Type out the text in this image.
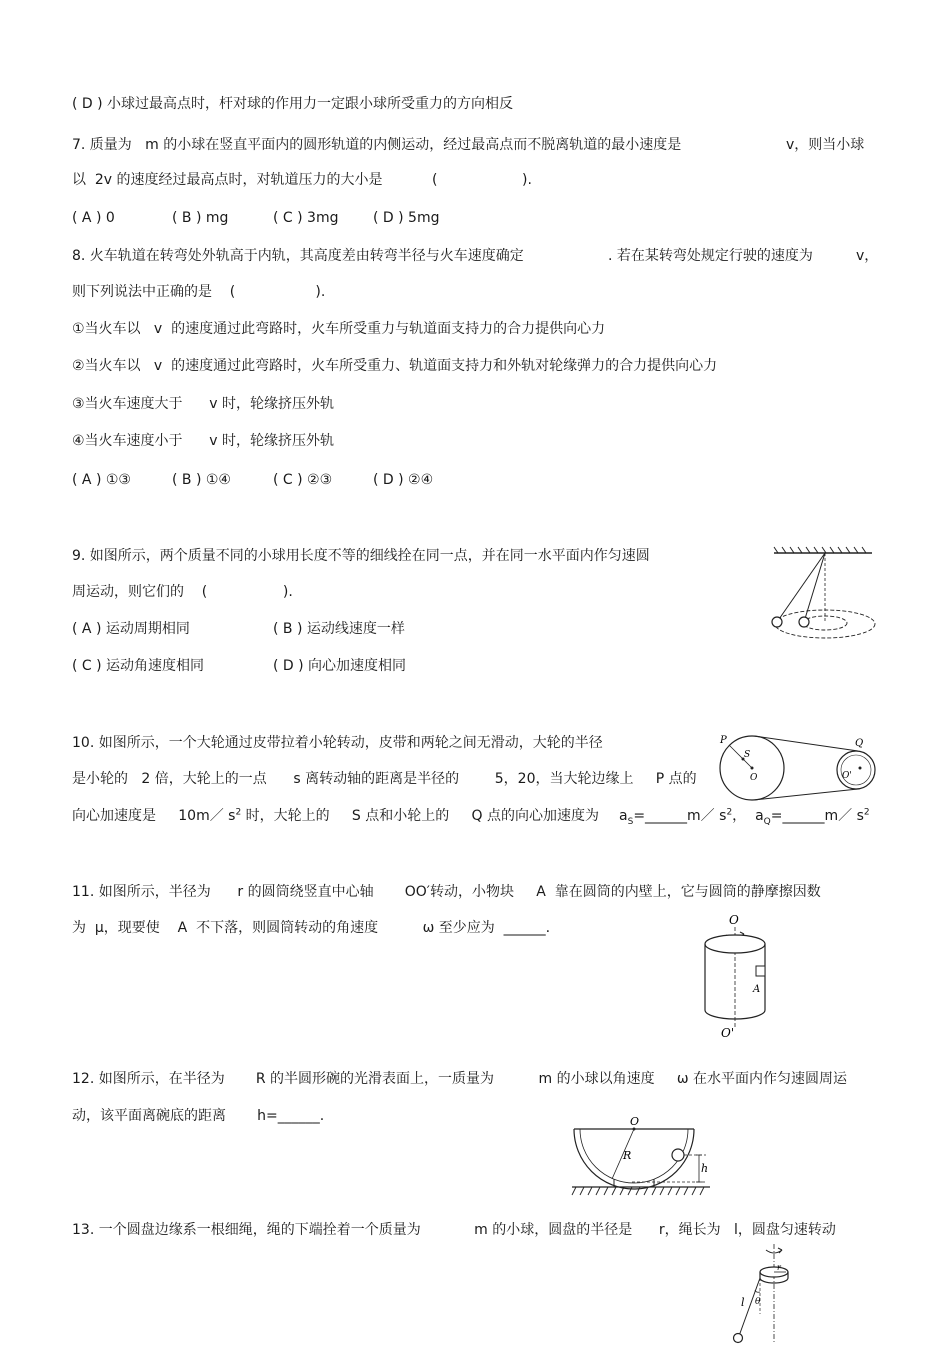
( D ) 小球过最高点时，杆对球的作用力一定跟小球所受重力的方向相反
7. 质量为   m 的小球在竖直平面内的圆形轨道的内侧运动，经过最高点而不脱离轨道的最小速度是	v，则当小球
以  2v 的速度经过最高点时，对轨道压力的大小是	(                   ).
( A ) 0	( B ) mg	( C ) 3mg ( D ) 5mg
8. 火车轨道在转弯处外轨高于内轨，其高度差由转弯半径与火车速度确定	. 若在某转弯处规定行驶的速度为	v，
则下列说法中正确的是    (                  ).
①当火车以   v  的速度通过此弯路时，火车所受重力与轨道面支持力的合力提供向心力
②当火车以   v  的速度通过此弯路时，火车所受重力、轨道面支持力和外轨对轮缘弹力的合力提供向心力
③当火车速度大于      v 时，轮缘挤压外轨
④当火车速度小于      v 时，轮缘挤压外轨
( A ) ①③	( B ) ①④	( C ) ②③	( D ) ②④
9. 如图所示，两个质量不同的小球用长度不等的细线拴在同一点，并在同一水平面内作匀速圆
周运动，则它们的    (                 ).
( A ) 运动周期相同	( B ) 运动线速度一样
( C ) 运动角速度相同	( D ) 向心加速度相同
10. 如图所示，一个大轮通过皮带拉着小轮转动，皮带和两轮之间无滑动，大轮的半径
是小轮的   2 倍，大轮上的一点      s 离转动轴的距离是半径的        5，20，当大轮边缘上     P 点的
向心加速度是     10m／ $s^2$ 时，大轮上的     S 点和小轮上的     Q 点的向心加速度为 $a_S=\_\_\_\_\_\_m/$ $s^2$，  $a_Q=\_\_\_\_\_\_m/$ $s^2$
P
S
O
Q
O'
11. 如图所示，半径为      r 的圆筒绕竖直中心轴       OO′转动，小物块     A  靠在圆筒的内壁上，它与圆筒的静摩擦因数
为  μ，现要使    A  不下落，则圆筒转动的角速度          ω 至少应为  ______.	O
A
O'
12. 如图所示，在半径为       R 的半圆形碗的光滑表面上，一质量为          m 的小球以角速度     ω 在水平面内作匀速圆周运
动，该平面离碗底的距离       h=______.	O
R
h
13. 一个圆盘边缘系一根细绳，绳的下端拴着一个质量为            m 的小球，圆盘的半径是      r，绳长为   l，圆盘匀速转动
r
l θ
